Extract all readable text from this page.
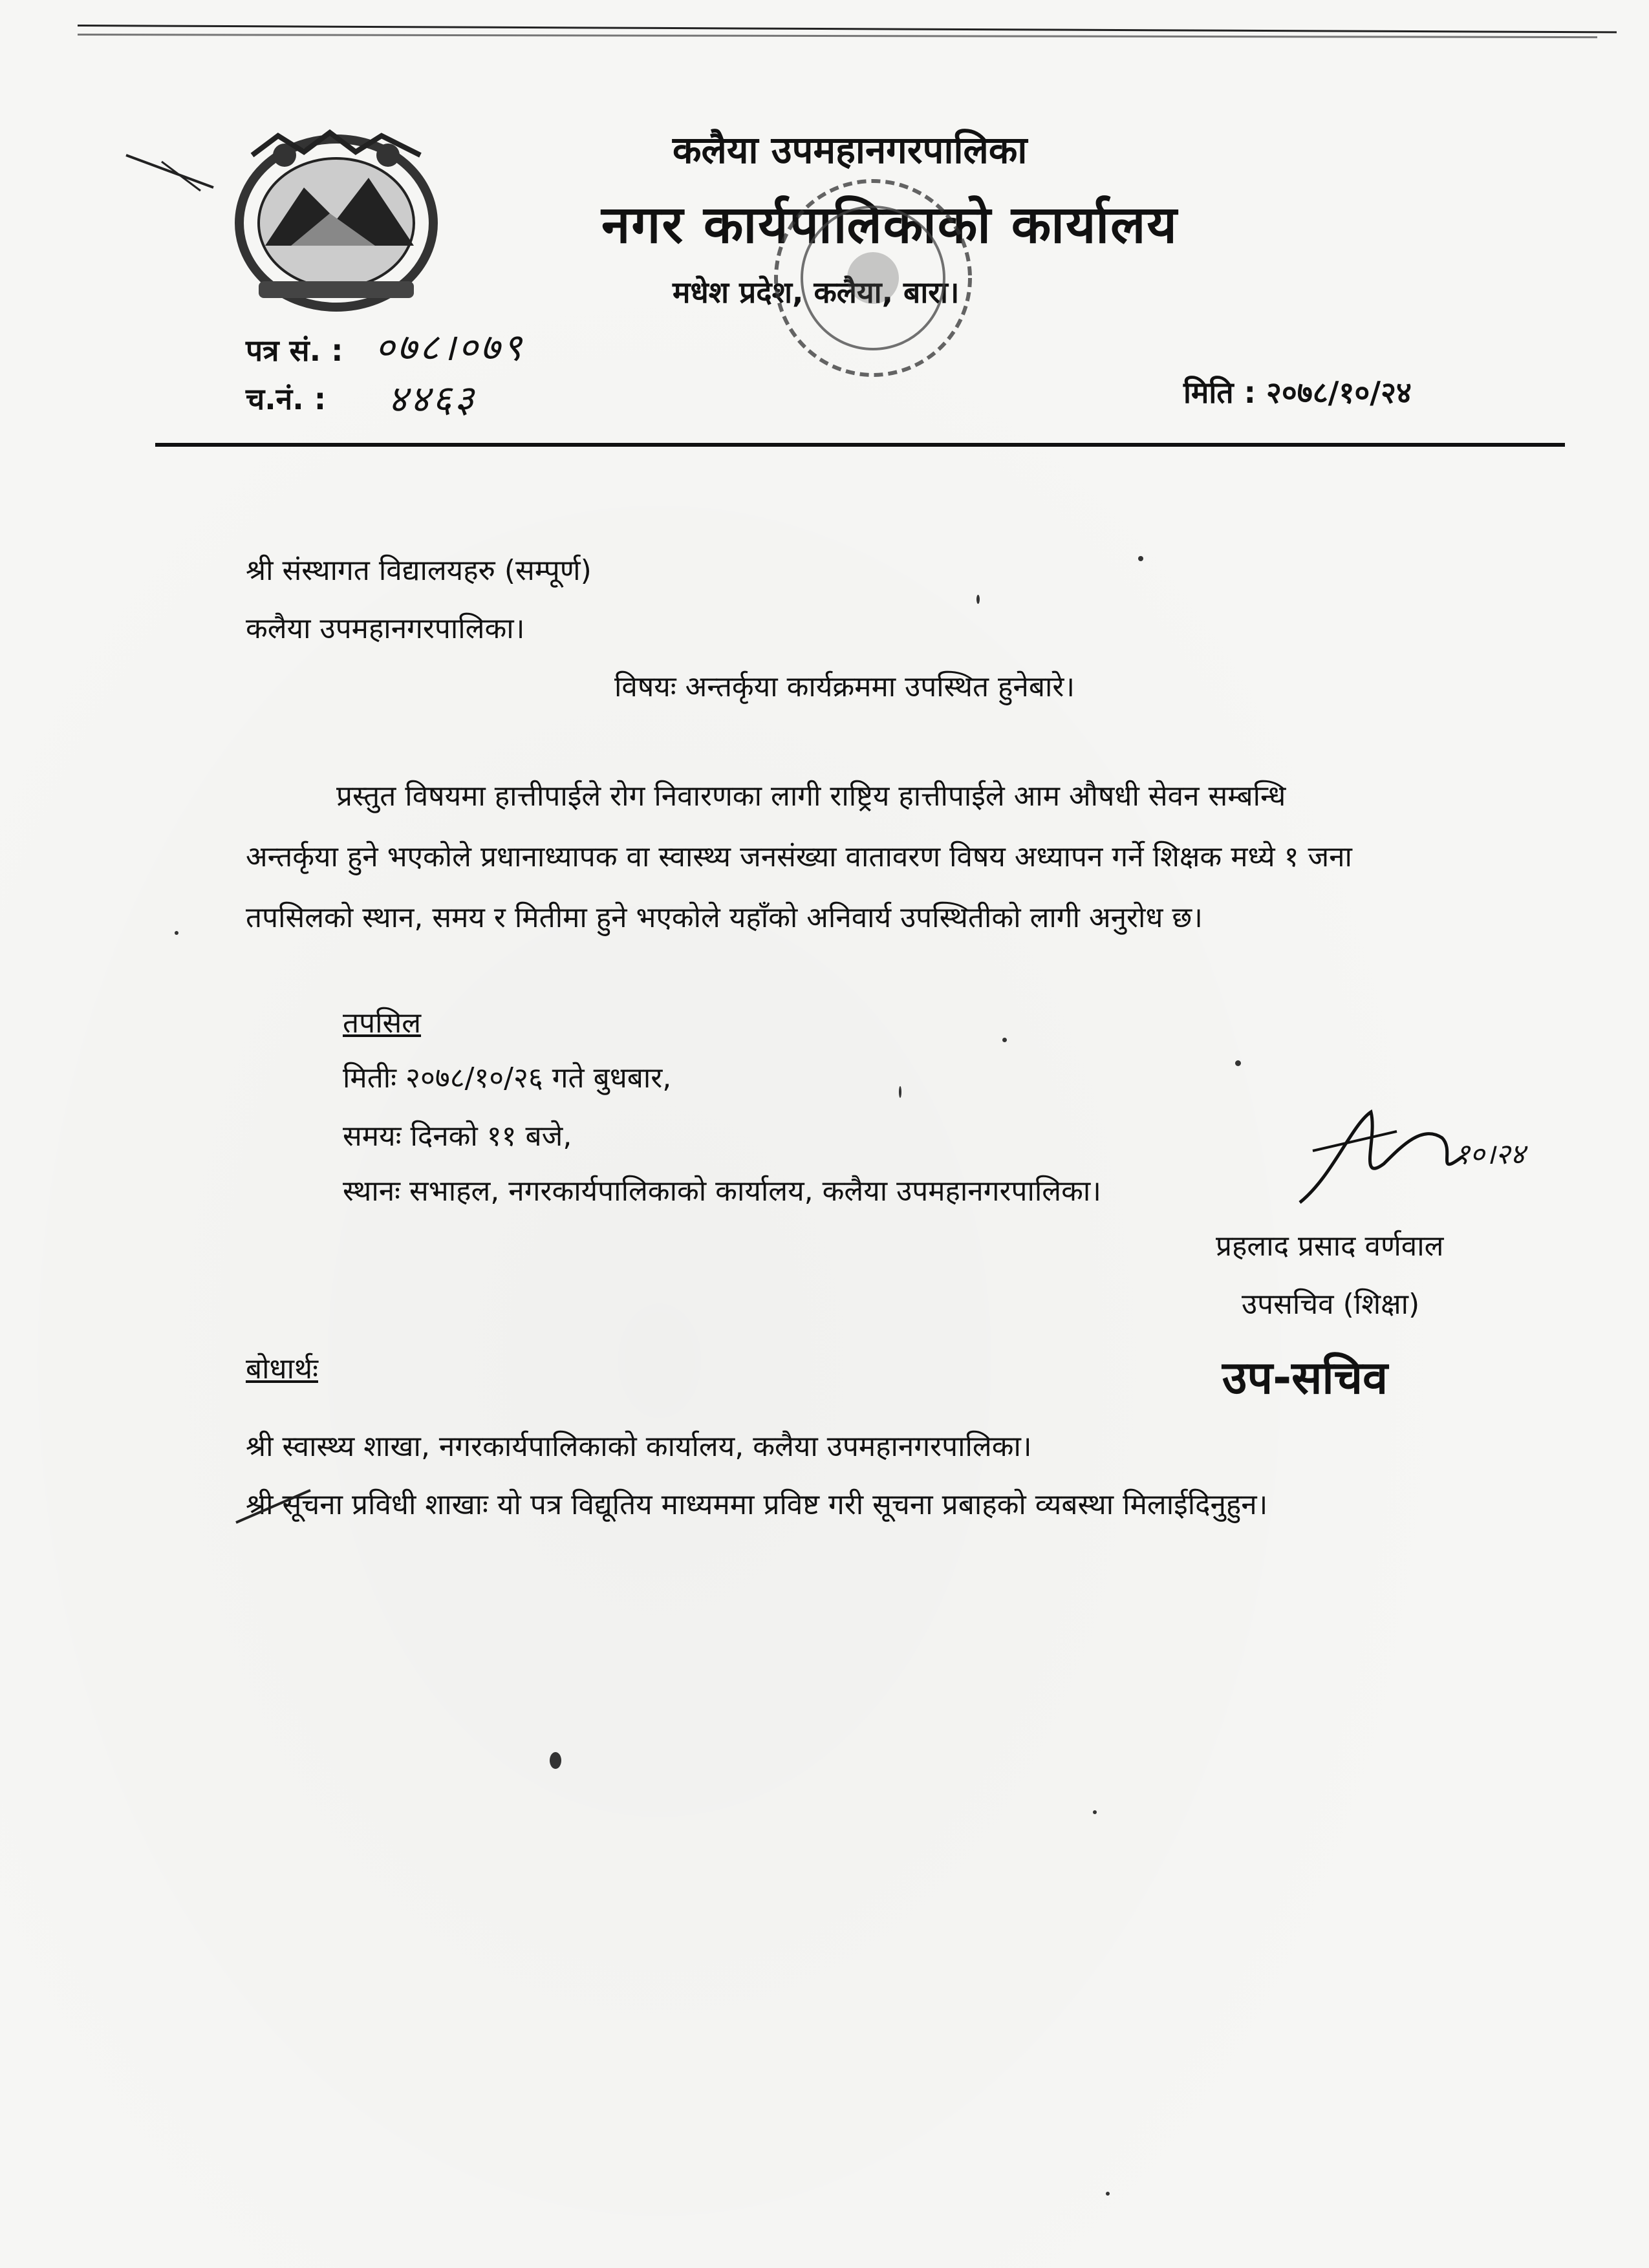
कलैया उपमहानगरपालिका
नगर कार्यपालिकाको कार्यालय
मधेश प्रदेश, कलैया, बारा।
पत्र सं. : ०७८।०७९
च.नं. : ४४६३	मिति : २०७८/१०/२४
श्री संस्थागत विद्यालयहरु (सम्पूर्ण)
कलैया उपमहानगरपालिका।
विषयः अन्तर्कृया कार्यक्रममा उपस्थित हुनेबारे।
प्रस्तुत विषयमा हात्तीपाईले रोग निवारणका लागी राष्ट्रिय हात्तीपाईले आम औषधी सेवन सम्बन्धि
अन्तर्कृया हुने भएकोले प्रधानाध्यापक वा स्वास्थ्य जनसंख्या वातावरण विषय अध्यापन गर्ने शिक्षक मध्ये १ जना
तपसिलको स्थान, समय र मितीमा हुने भएकोले यहाँको अनिवार्य उपस्थितीको लागी अनुरोध छ।
तपसिल
मितीः २०७८/१०/२६ गते बुधबार,
समयः दिनको ११ बजे,
स्थानः सभाहल, नगरकार्यपालिकाको कार्यालय, कलैया उपमहानगरपालिका।
१०।२४
प्रहलाद प्रसाद वर्णवाल
उपसचिव (शिक्षा)
उप-सचिव
बोधार्थः
श्री स्वास्थ्य शाखा, नगरकार्यपालिकाको कार्यालय, कलैया उपमहानगरपालिका।
श्री सूचना प्रविधी शाखाः यो पत्र विद्यूतिय माध्यममा प्रविष्ट गरी सूचना प्रबाहको व्यबस्था मिलाईदिनुहुन।
